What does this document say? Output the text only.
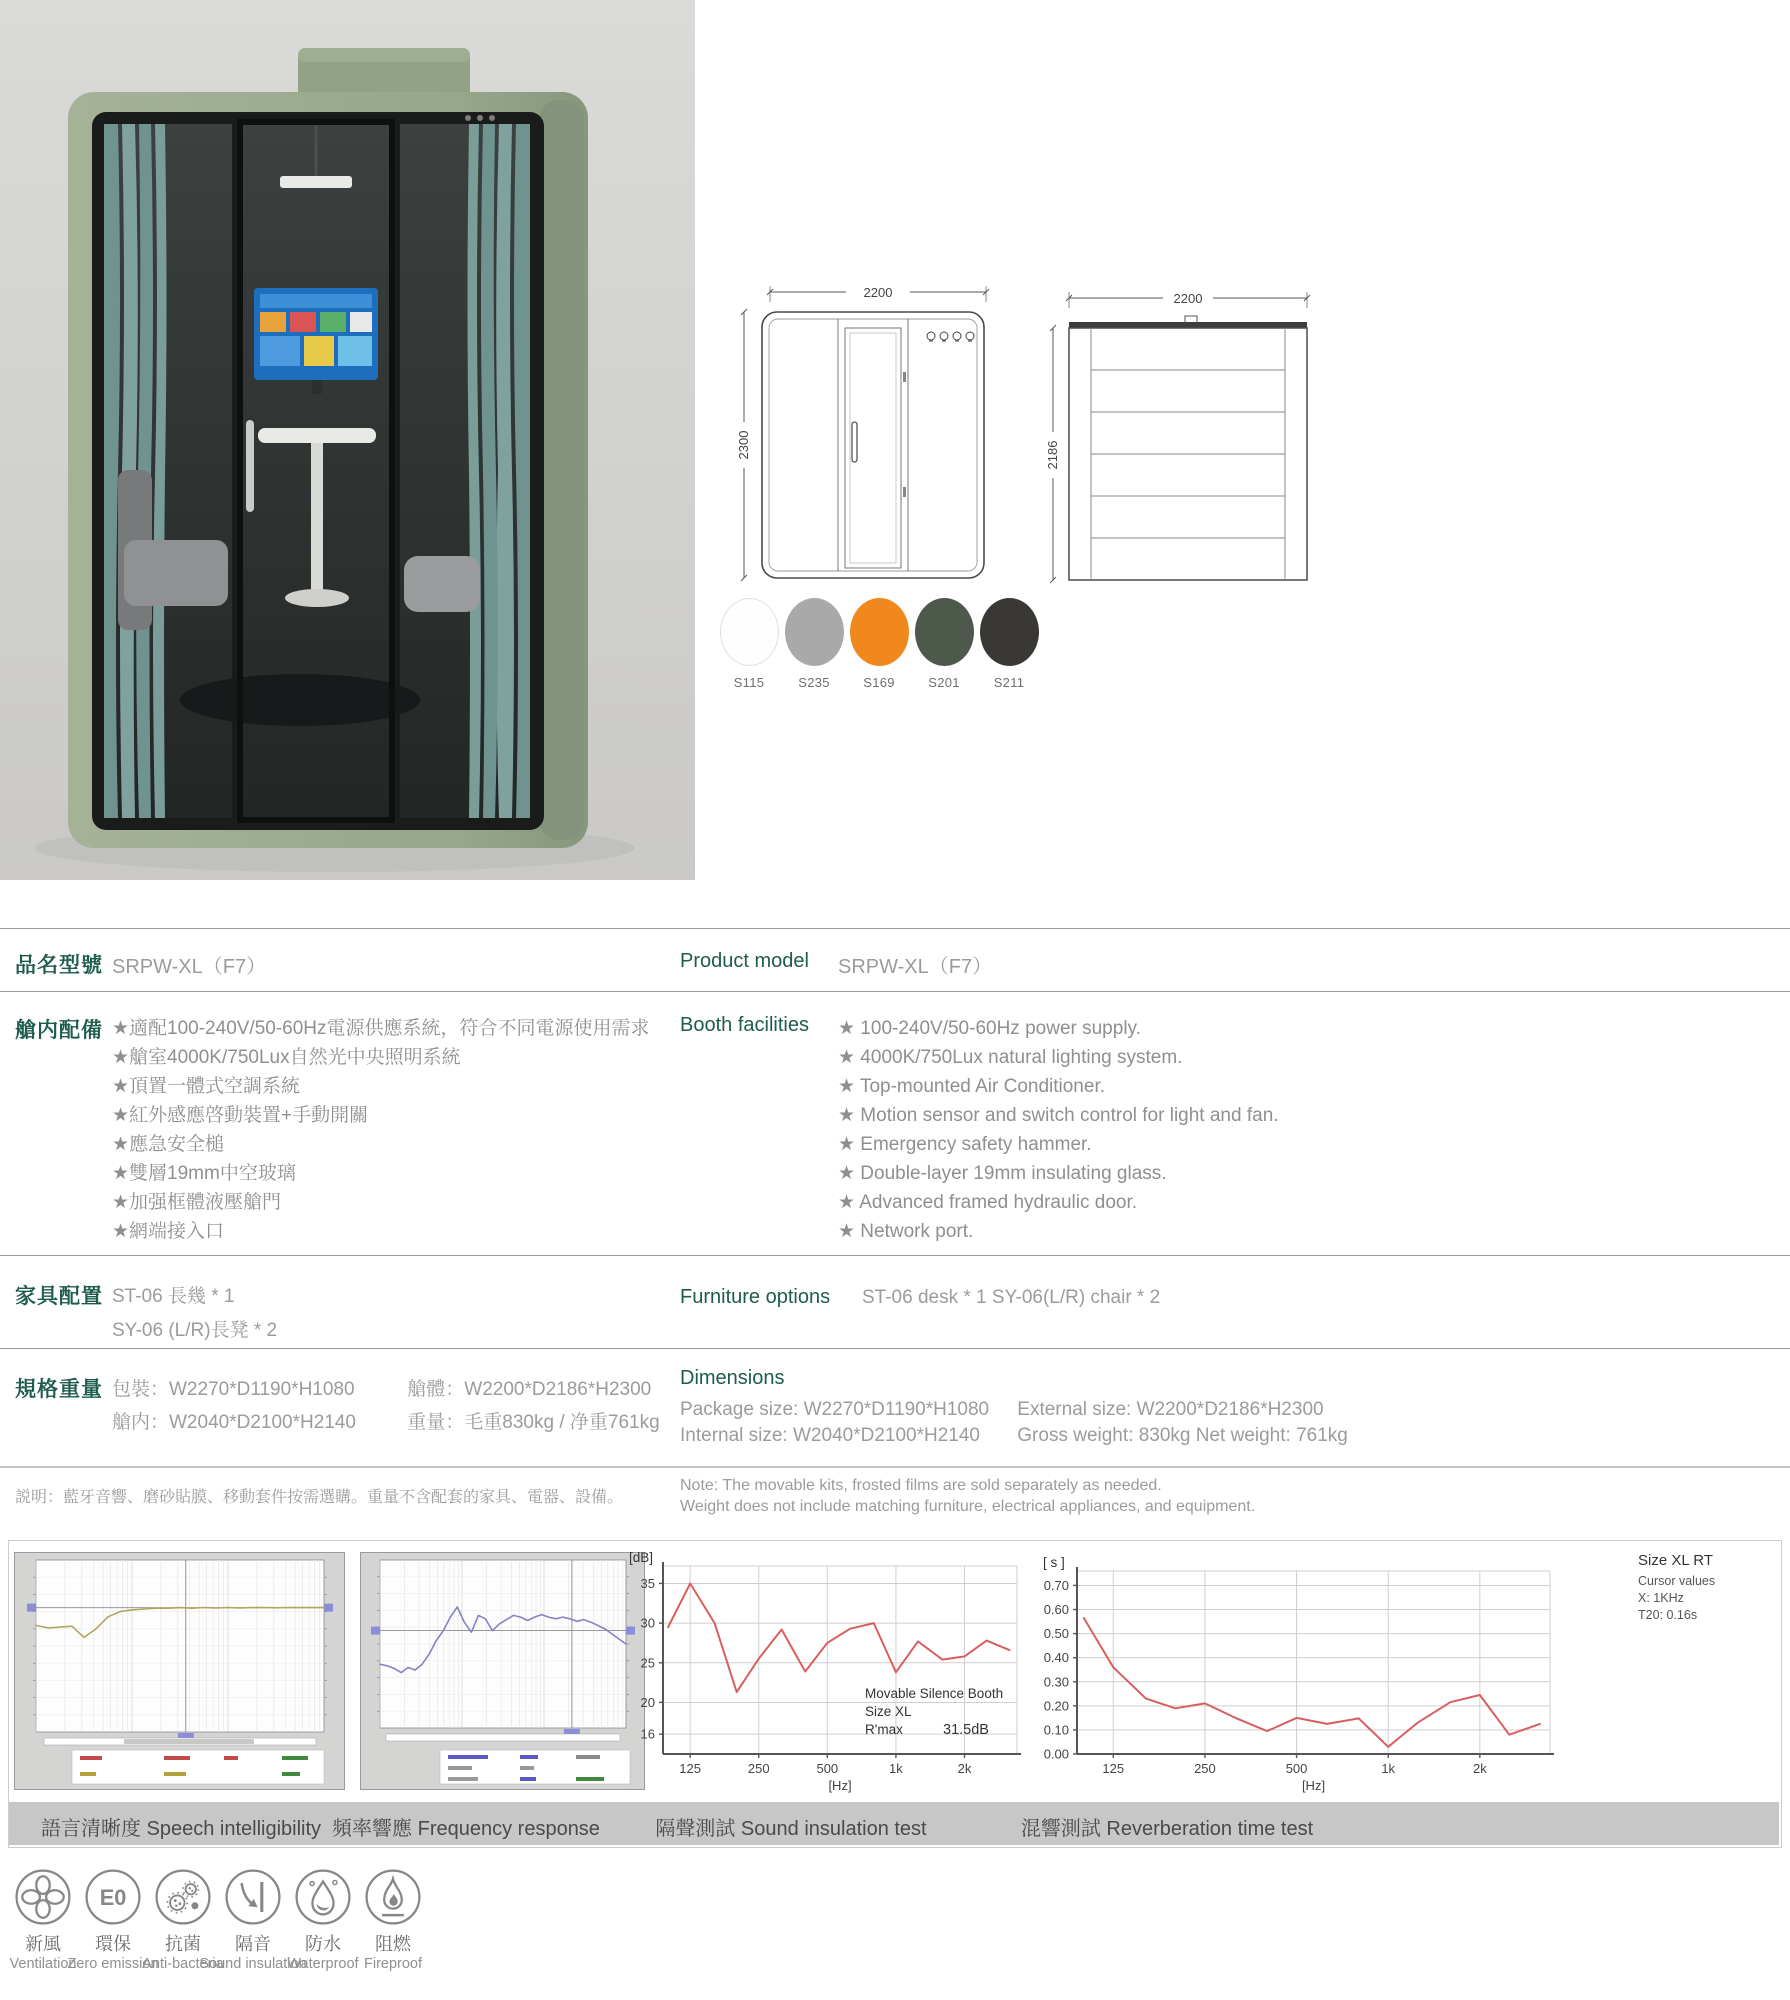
2200
2300
2200
2186
S115	S235	S169	S201	S211
品名型號 SRPW-XL（F7）	Product model SRPW-XL（F7）
艙内配備 ★適配100-240V/50-60Hz電源供應系統，符合不同電源使用需求
★艙室4000K/750Lux自然光中央照明系統
★頂置一體式空調系統
★紅外感應啓動裝置+手動開關
★應急安全槌
★雙層19mm中空玻璃
★加强框體液壓艙門
★網端接入口
Booth facilities ★ 100-240V/50-60Hz power supply.
★ 4000K/750Lux natural lighting system.
★ Top-mounted Air Conditioner.
★ Motion sensor and switch control for light and fan.
★ Emergency safety hammer.
★ Double-layer 19mm insulating glass.
★ Advanced framed hydraulic door.
★ Network port.
家具配置 ST-06 長幾 * 1
SY-06 (L/R)長凳 * 2
Furniture options ST-06 desk * 1 SY-06(L/R) chair * 2
規格重量 包裝：W2270*D1190*H1080	艙體：W2200*D2186*H2300
艙内：W2040*D2100*H2140	重量：毛重830kg / 净重761kg
Dimensions
Package size: W2270*D1190*H1080 External size: W2200*D2186*H2300
Internal size: W2040*D2100*H2140 Gross weight: 830kg Net weight: 761kg
説明：藍牙音響、磨砂貼膜、移動套件按需選購。重量不含配套的家具、電器、設備。
Note: The movable kits, frosted films are sold separately as needed.
Weight does not include matching furniture, electrical appliances, and equipment.
35
30
25
20
16
125	250	500	1k	2k
[dB]
[Hz]
Movable Silence Booth
Size XL
R'max	31.5dB
0.70
0.60
0.50
0.40
0.30
0.20
0.10
0.00
125	250	500	1k	2k
[ s ]
[Hz]
Size XL RT
Cursor values
X: 1KHz
T20: 0.16s
語言清晰度 Speech intelligibility 頻率響應 Frequency response	隔聲測試 Sound insulation test	混響測試 Reverberation time test
E0
新風 環保 抗菌 隔音 防水 阻燃
Ventilation
Zero emission
Anti-bacteria
Sound insulation
Waterproof Fireproof
